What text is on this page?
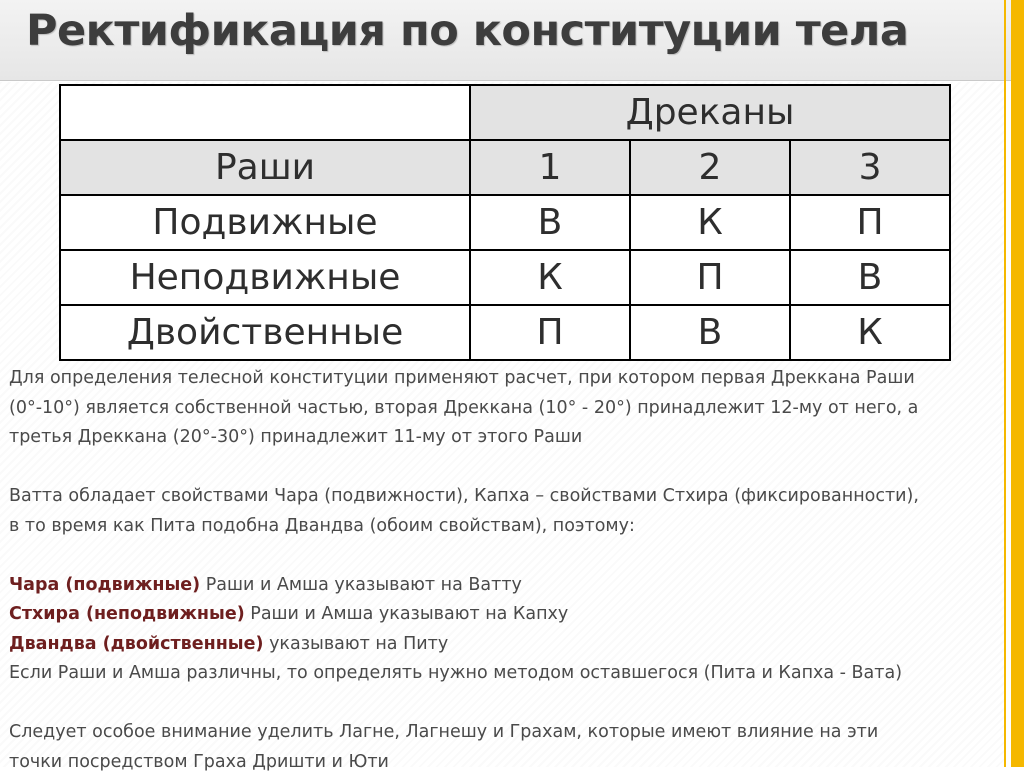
Ректификация по конституции тела
	Дреканы		
Раши	1	2	3
Подвижные	В	К	П
Неподвижные	К	П	В
Двойственные	П	В	К

Для определения телесной конституции применяют расчет, при котором первая Дреккана Раши

(0°-10°) является собственной частью, вторая Дреккана (10° - 20°) принадлежит 12-му от него, а

третья Дреккана (20°-30°) принадлежит 11-му от этого Раши

Ватта обладает свойствами Чара (подвижности), Капха – свойствами Стхира (фиксированности),

в то время как Пита подобна Двандва (обоим свойствам), поэтому:

Чара (подвижные) Раши и Амша указывают на Ватту

Стхира (неподвижные) Раши и Амша указывают на Капху

Двандва (двойственные) указывают на Питу

Если Раши и Амша различны, то определять нужно методом оставшегося (Пита и Капха - Вата)

Следует особое внимание уделить Лагне, Лагнешу и Грахам, которые имеют влияние на эти

точки посредством Граха Дришти и Юти
